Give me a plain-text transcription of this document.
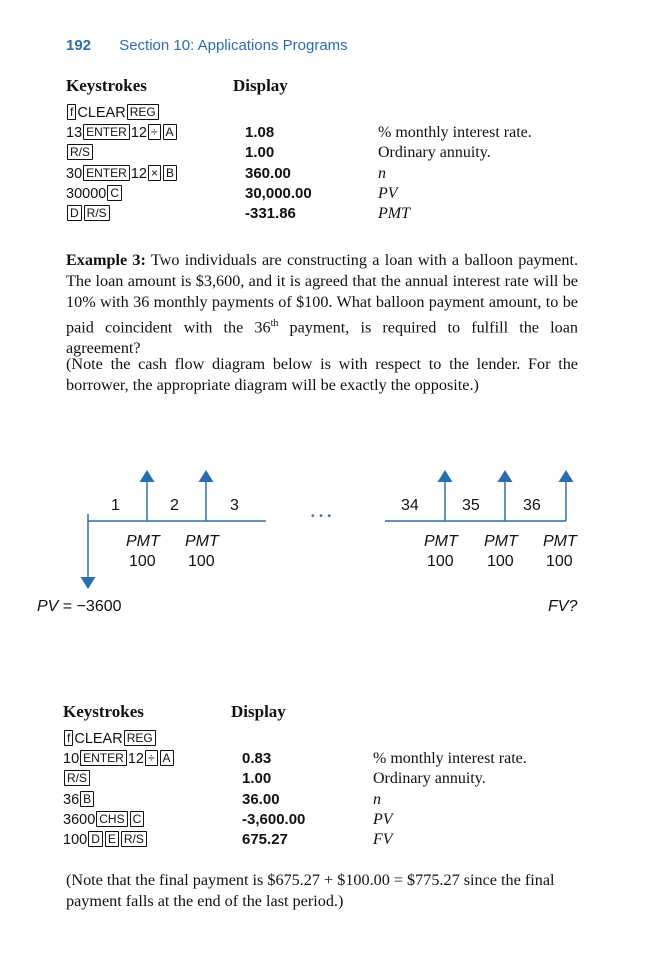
192 Section 10: Applications Programs
Keystrokes	Display
f CLEAR REG
13 ENTER 12 ÷ A	1.08	% monthly interest rate.
R/S	1.00	Ordinary annuity.
30 ENTER 12 × B	360.00	n
30000 C	30,000.00	PV
D R/S	-331.86	PMT
Example 3: Two individuals are constructing a loan with a balloon payment. The loan amount is $3,600, and it is agreed that the annual interest rate will be 10% with 36 monthly payments of $100. What balloon payment amount, to be paid coincident with the 36th payment, is required to fulfill the loan agreement?
(Note the cash flow diagram below is with respect to the lender. For the borrower, the appropriate diagram will be exactly the opposite.)
1	2	3
• • •
34	35	36
PMT PMT	PMT PMT PMT
100 100	100 100 100
PV = −3600	FV?
Keystrokes	Display
f CLEAR REG
10 ENTER 12 ÷ A	0.83	% monthly interest rate.
R/S	1.00	Ordinary annuity.
36 B	36.00	n
3600 CHS C	-3,600.00	PV
100 D E R/S	675.27	FV
(Note that the final payment is $675.27 + $100.00 = $775.27 since the final payment falls at the end of the last period.)
